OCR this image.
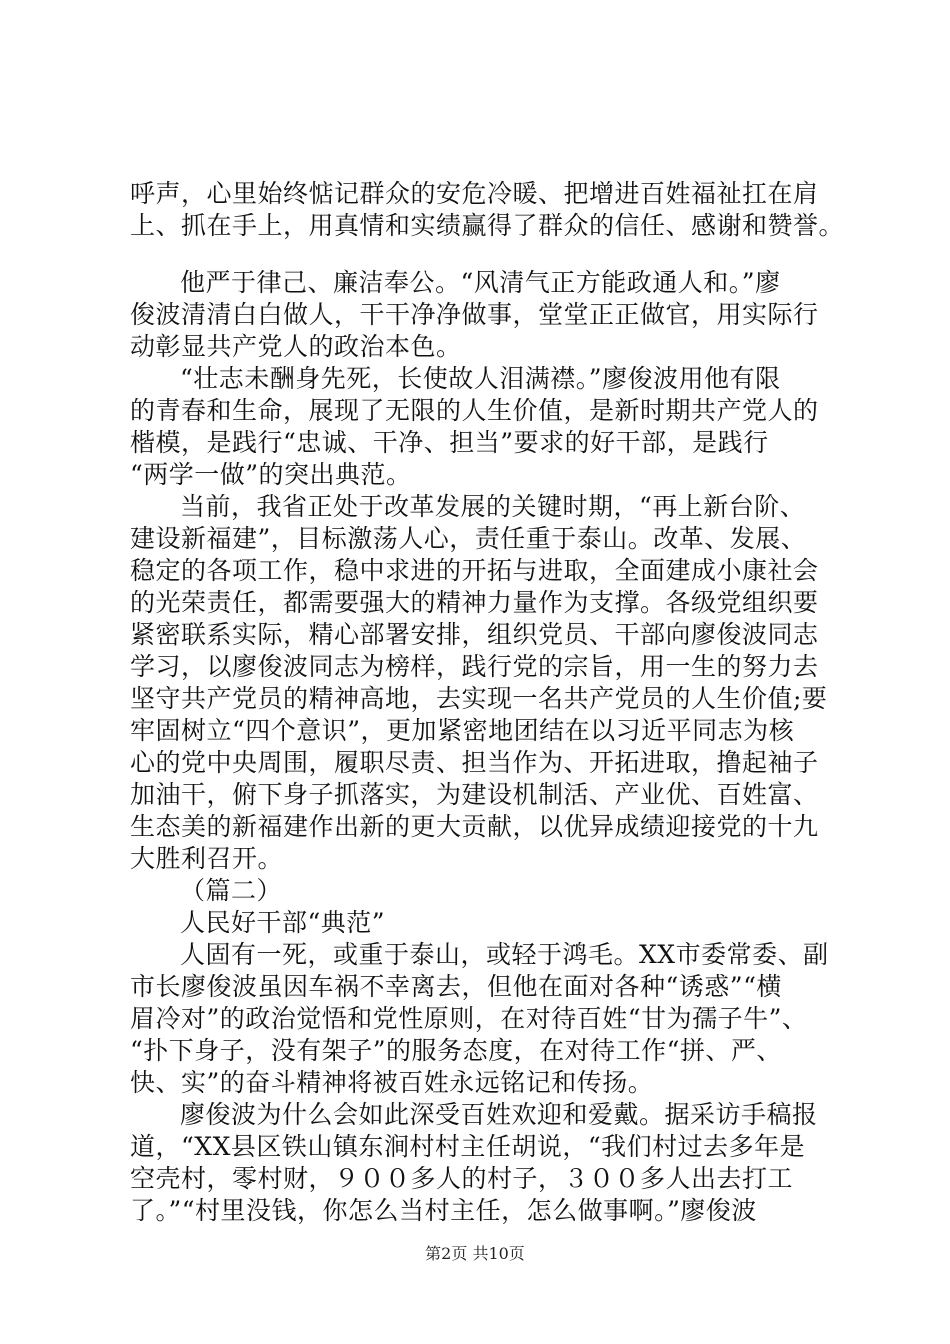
呼声，心里始终惦记群众的安危冷暖、把增进百姓福祉扛在肩
上、抓在手上，用真情和实绩赢得了群众的信任、感谢和赞誉。
他严于律己、廉洁奉公。“风清气正方能政通人和。”廖
俊波清清白白做人，干干净净做事，堂堂正正做官，用实际行
动彰显共产党人的政治本色。
“壮志未酬身先死，长使故人泪满襟。”廖俊波用他有限
的青春和生命，展现了无限的人生价值，是新时期共产党人的
楷模，是践行“忠诚、干净、担当”要求的好干部，是践行
“两学一做”的突出典范。
当前，我省正处于改革发展的关键时期，“再上新台阶、
建设新福建”，目标激荡人心，责任重于泰山。改革、发展、
稳定的各项工作，稳中求进的开拓与进取，全面建成小康社会
的光荣责任，都需要强大的精神力量作为支撑。各级党组织要
紧密联系实际，精心部署安排，组织党员、干部向廖俊波同志
学习，以廖俊波同志为榜样，践行党的宗旨，用一生的努力去
坚守共产党员的精神高地，去实现一名共产党员的人生价值;要
牢固树立“四个意识”，更加紧密地团结在以习近平同志为核
心的党中央周围，履职尽责、担当作为、开拓进取，撸起袖子
加油干，俯下身子抓落实，为建设机制活、产业优、百姓富、
生态美的新福建作出新的更大贡献，以优异成绩迎接党的十九
大胜利召开。
（篇二）
人民好干部“典范”
人固有一死，或重于泰山，或轻于鸿毛。XX市委常委、副
市长廖俊波虽因车祸不幸离去，但他在面对各种“诱惑”“横
眉冷对”的政治觉悟和党性原则，在对待百姓“甘为孺子牛”、
“扑下身子，没有架子”的服务态度，在对待工作“拼、严、
快、实”的奋斗精神将被百姓永远铭记和传扬。
廖俊波为什么会如此深受百姓欢迎和爱戴。据采访手稿报
道，“XX县区铁山镇东涧村村主任胡说，“我们村过去多年是
空壳村，零村财，９００多人的村子，３００多人出去打工
了。”“村里没钱，你怎么当村主任，怎么做事啊。”廖俊波
第2页 共10页
